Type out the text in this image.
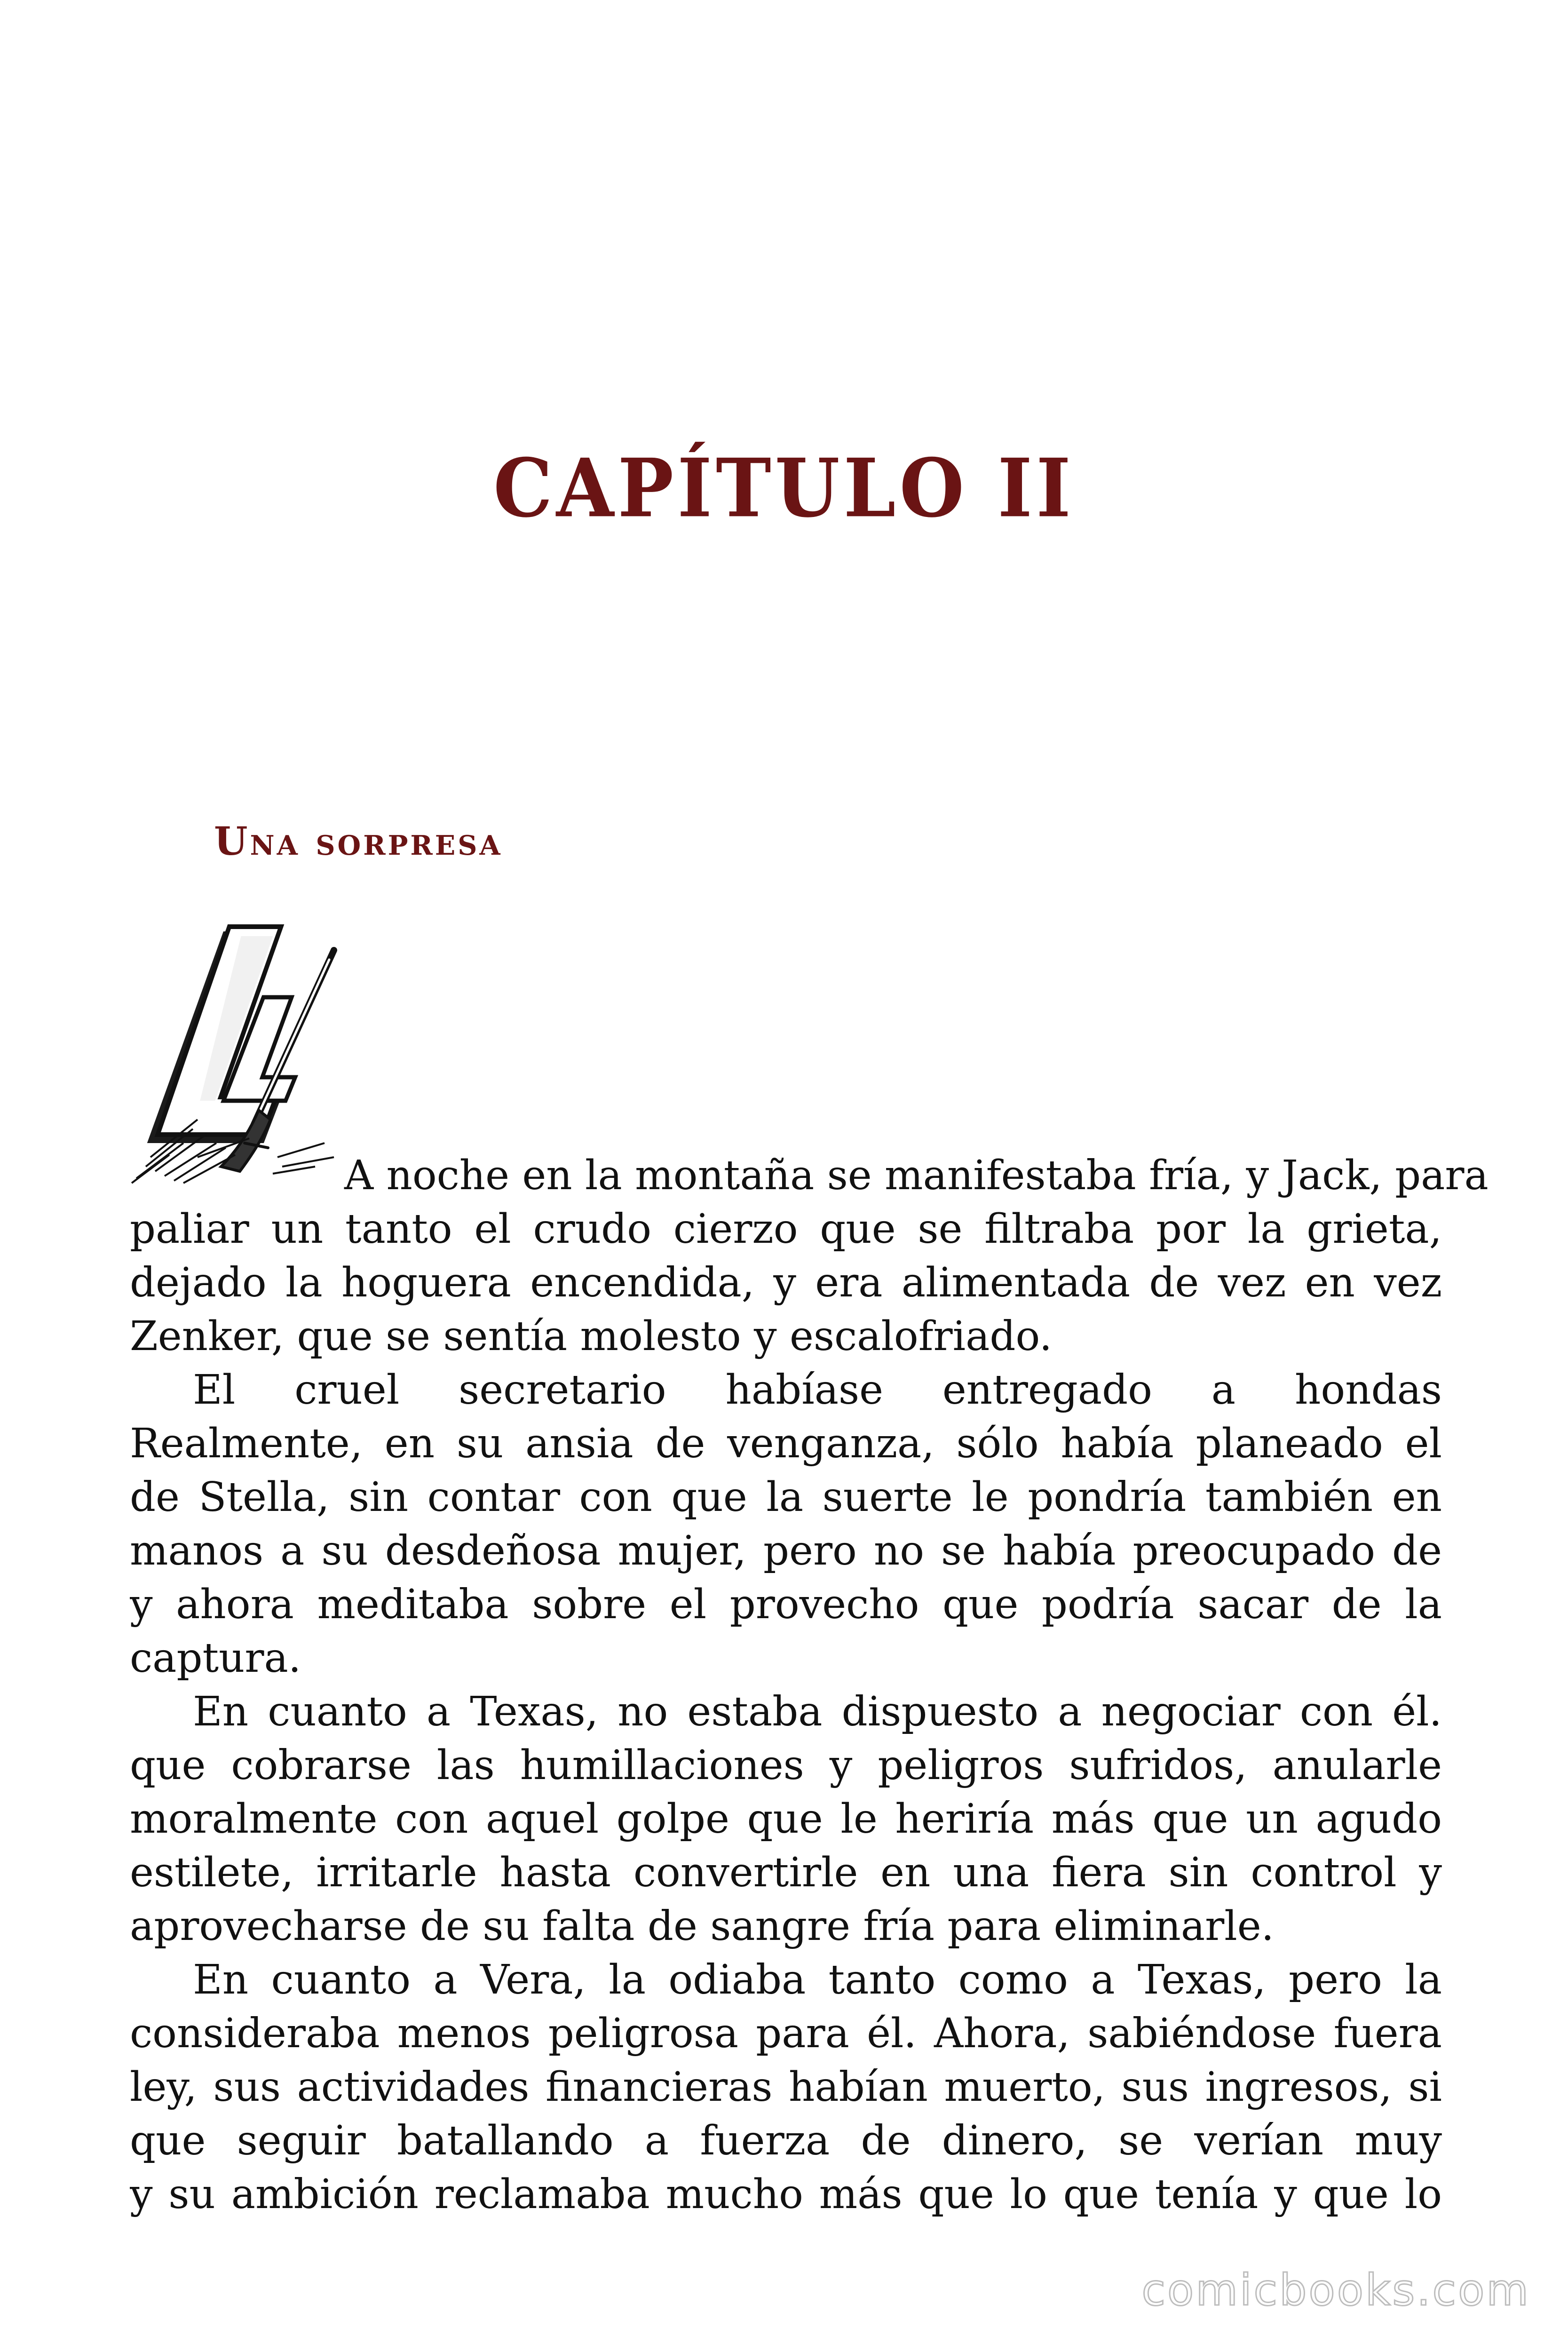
CAPÍTULO II
Una sorpresa
A noche en la montaña se manifestaba fría, y Jack, para
paliar un tanto el crudo cierzo que se filtraba por la grieta,
dejado la hoguera encendida, y era alimentada de vez en vez
Zenker, que se sentía molesto y escalofriado.
El cruel secretario habíase entregado a hondas
Realmente, en su ansia de venganza, sólo había planeado el
de Stella, sin contar con que la suerte le pondría también en
manos a su desdeñosa mujer, pero no se había preocupado de
y ahora meditaba sobre el provecho que podría sacar de la
captura.
En cuanto a Texas, no estaba dispuesto a negociar con él.
que cobrarse las humillaciones y peligros sufridos, anularle
moralmente con aquel golpe que le heriría más que un agudo
estilete, irritarle hasta convertirle en una fiera sin control y
aprovecharse de su falta de sangre fría para eliminarle.
En cuanto a Vera, la odiaba tanto como a Texas, pero la
consideraba menos peligrosa para él. Ahora, sabiéndose fuera
ley, sus actividades financieras habían muerto, sus ingresos, si
que seguir batallando a fuerza de dinero, se verían muy
y su ambición reclamaba mucho más que lo que tenía y que lo
comicbooks.com
